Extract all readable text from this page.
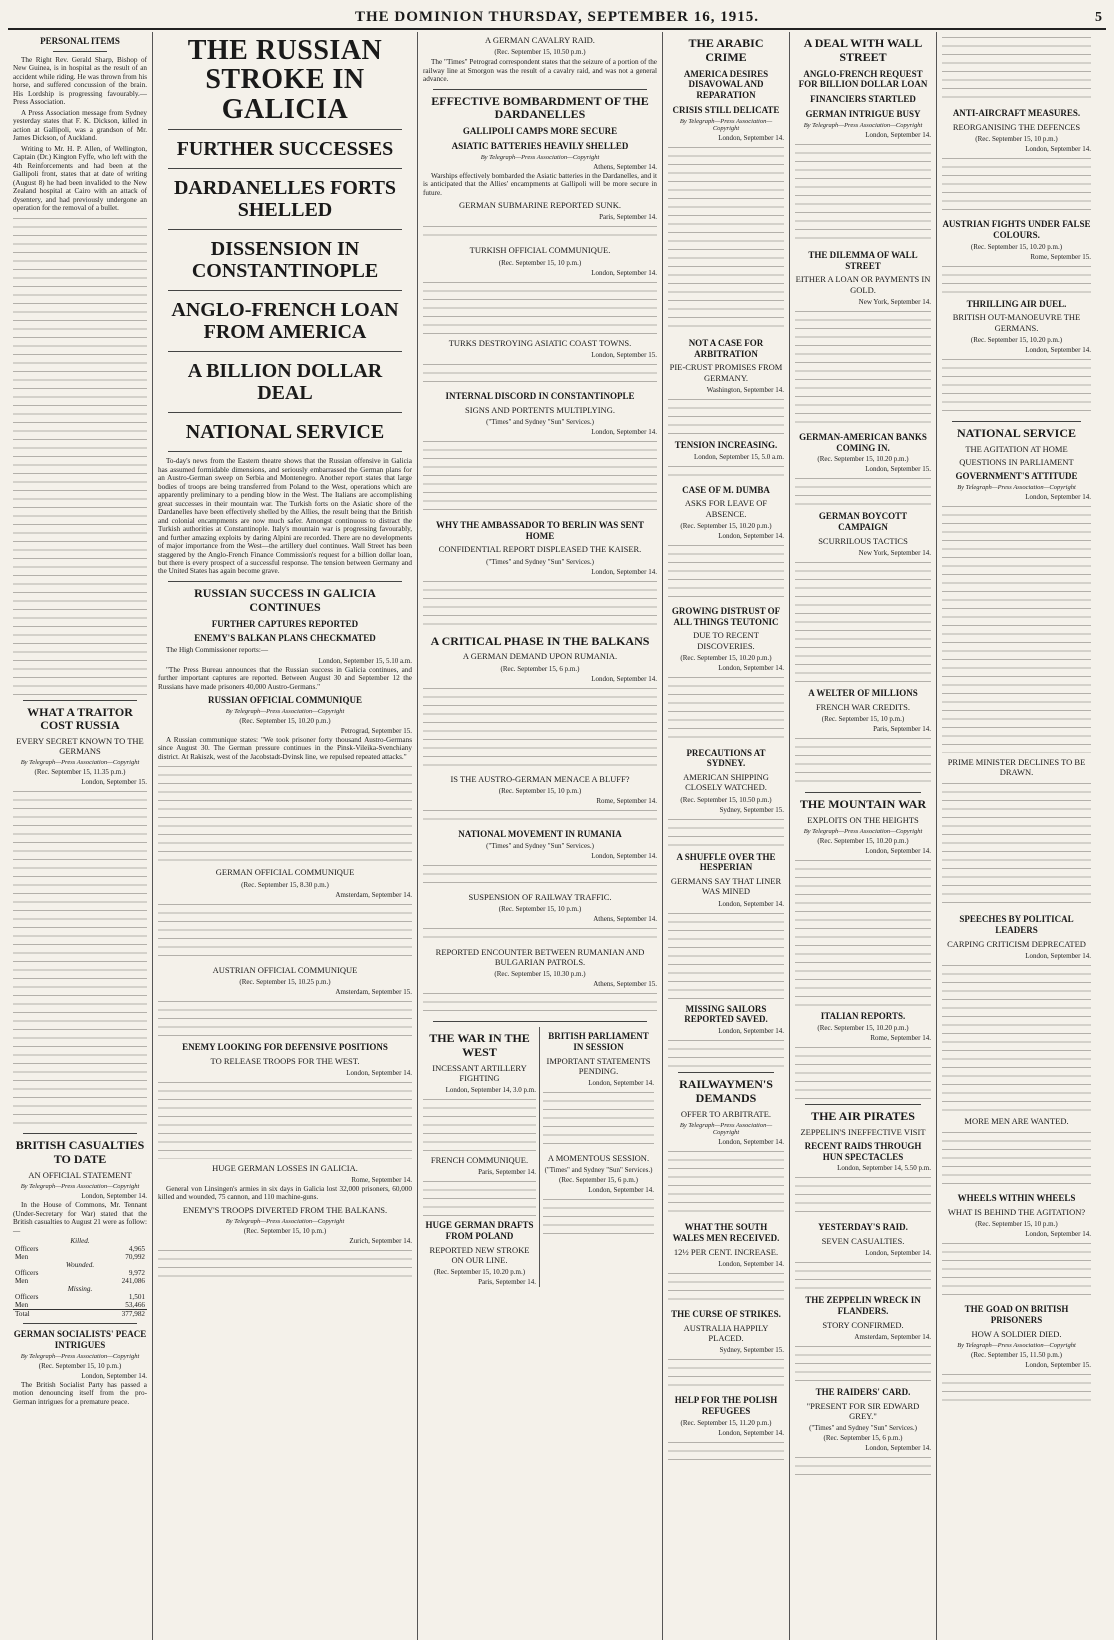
THE DOMINION THURSDAY, SEPTEMBER 16, 1915.	5
PERSONAL ITEMS

The Right Rev. Gerald Sharp, Bishop of New Guinea, is in hospital as the result of an accident while riding. He was thrown from his horse, and suffered concussion of the brain. His Lordship is progressing favourably.—Press Association.

A Press Association message from Sydney yesterday states that F. K. Dickson, killed in action at Gallipoli, was a grandson of Mr. James Dickson, of Auckland.

Writing to Mr. H. P. Allen, of Wellington, Captain (Dr.) Kington Fyffe, who left with the 4th Reinforcements and had been at the Gallipoli front, states that at date of writing (August 8) he had been invalided to the New Zealand hospital at Cairo with an attack of dysentery, and had previously undergone an operation for the removal of a bullet.

WHAT A TRAITOR COST RUSSIA
EVERY SECRET KNOWN TO THE GERMANS
By Telegraph—Press Association—Copyright
(Rec. September 15, 11.35 p.m.)
London, September 15.
BRITISH CASUALTIES TO DATE
AN OFFICIAL STATEMENT
By Telegraph—Press Association—Copyright
London, September 14.

In the House of Commons, Mr. Tennant (Under-Secretary for War) stated that the British casualties to August 21 were as follow:—

Killed.	
Officers	4,965
Men	70,992
Wounded.	
Officers	9,972
Men	241,086
Missing.	
Officers	1,501
Men	53,466
Total	377,982
GERMAN SOCIALISTS' PEACE INTRIGUES
By Telegraph—Press Association—Copyright
(Rec. September 15, 10 p.m.)
London, September 14.

The British Socialist Party has passed a motion denouncing itself from the pro-German intrigues for a premature peace.

THE RUSSIAN STROKE IN GALICIA
FURTHER SUCCESSES
DARDANELLES FORTS SHELLED
DISSENSION IN CONSTANTINOPLE
ANGLO-FRENCH LOAN FROM AMERICA
A BILLION DOLLAR DEAL
NATIONAL SERVICE

To-day's news from the Eastern theatre shows that the Russian offensive in Galicia has assumed formidable dimensions, and seriously embarrassed the German plans for an Austro-German sweep on Serbia and Montenegro. Another report states that large bodies of troops are being transferred from Poland to the West, operations which are apparently preliminary to a pending blow in the West. The Italians are accomplishing great successes in their mountain war. The Turkish forts on the Asiatic shore of the Dardanelles have been effectively shelled by the Allies, the result being that the British and colonial encampments are now much safer. Amongst continuous to distract the Turkish authorities at Constantinople. Italy's mountain war is progressing favourably, and further amazing exploits by daring Alpini are recorded. There are no developments of major importance from the West—the artillery duel continues. Wall Street has been staggered by the Anglo-French Finance Commission's request for a billion dollar loan, but there is every prospect of a successful response. The tension between Germany and the United States has again become grave.

RUSSIAN SUCCESS IN GALICIA CONTINUES
FURTHER CAPTURES REPORTED
ENEMY'S BALKAN PLANS CHECKMATED

The High Commissioner reports:—

London, September 15, 5.10 a.m.

"The Press Bureau announces that the Russian success in Galicia continues, and further important captures are reported. Between August 30 and September 12 the Russians have made prisoners 40,000 Austro-Germans."

RUSSIAN OFFICIAL COMMUNIQUE
By Telegraph—Press Association—Copyright
(Rec. September 15, 10.20 p.m.)
Petrograd, September 15.

A Russian communique states: "We took prisoner forty thousand Austro-Germans since August 30. The German pressure continues in the Pinsk-Vileika-Svenchiany district. At Rakiszk, west of the Jacobstadt-Dvinsk line, we repulsed repeated attacks."

GERMAN OFFICIAL COMMUNIQUE
(Rec. September 15, 8.30 p.m.)
Amsterdam, September 14.
AUSTRIAN OFFICIAL COMMUNIQUE
(Rec. September 15, 10.25 p.m.)
Amsterdam, September 15.
ENEMY LOOKING FOR DEFENSIVE POSITIONS
TO RELEASE TROOPS FOR THE WEST.
London, September 14.
HUGE GERMAN LOSSES IN GALICIA.
Rome, September 14.

General von Linsingen's armies in six days in Galicia lost 32,000 prisoners, 60,000 killed and wounded, 75 cannon, and 110 machine-guns.

ENEMY'S TROOPS DIVERTED FROM THE BALKANS.
By Telegraph—Press Association—Copyright
(Rec. September 15, 10 p.m.)
Zurich, September 14.
A GERMAN CAVALRY RAID.
(Rec. September 15, 10.50 p.m.)

The "Times" Petrograd correspondent states that the seizure of a portion of the railway line at Smorgon was the result of a cavalry raid, and was not a general advance.

EFFECTIVE BOMBARDMENT OF THE DARDANELLES
GALLIPOLI CAMPS MORE SECURE
ASIATIC BATTERIES HEAVILY SHELLED
By Telegraph—Press Association—Copyright
Athens, September 14.

Warships effectively bombarded the Asiatic batteries in the Dardanelles, and it is anticipated that the Allies' encampments at Gallipoli will be more secure in future.

GERMAN SUBMARINE REPORTED SUNK.
Paris, September 14.
TURKISH OFFICIAL COMMUNIQUE.
(Rec. September 15, 10 p.m.)
London, September 14.
TURKS DESTROYING ASIATIC COAST TOWNS.
London, September 15.
INTERNAL DISCORD IN CONSTANTINOPLE
SIGNS AND PORTENTS MULTIPLYING.
("Times" and Sydney "Sun" Services.)
London, September 14.
WHY THE AMBASSADOR TO BERLIN WAS SENT HOME
CONFIDENTIAL REPORT DISPLEASED THE KAISER.
("Times" and Sydney "Sun" Services.)
London, September 14.
A CRITICAL PHASE IN THE BALKANS
A GERMAN DEMAND UPON RUMANIA.
(Rec. September 15, 6 p.m.)
London, September 14.
IS THE AUSTRO-GERMAN MENACE A BLUFF?
(Rec. September 15, 10 p.m.)
Rome, September 14.
NATIONAL MOVEMENT IN RUMANIA
("Times" and Sydney "Sun" Services.)
London, September 14.
SUSPENSION OF RAILWAY TRAFFIC.
(Rec. September 15, 10 p.m.)
Athens, September 14.
REPORTED ENCOUNTER BETWEEN RUMANIAN AND BULGARIAN PATROLS.
(Rec. September 15, 10.30 p.m.)
Athens, September 15.
THE WAR IN THE WEST
INCESSANT ARTILLERY FIGHTING
London, September 14, 3.0 p.m.
FRENCH COMMUNIQUE.
Paris, September 14.
HUGE GERMAN DRAFTS FROM POLAND
REPORTED NEW STROKE ON OUR LINE.
(Rec. September 15, 10.20 p.m.)
Paris, September 14.
BRITISH PARLIAMENT IN SESSION
IMPORTANT STATEMENTS PENDING.
London, September 14.
A MOMENTOUS SESSION.
("Times" and Sydney "Sun" Services.)
(Rec. September 15, 6 p.m.)
London, September 14.
THE ARABIC CRIME
AMERICA DESIRES DISAVOWAL AND REPARATION
CRISIS STILL DELICATE
By Telegraph—Press Association—Copyright
London, September 14.
NOT A CASE FOR ARBITRATION
PIE-CRUST PROMISES FROM GERMANY.
Washington, September 14.
TENSION INCREASING.
London, September 15, 5.0 a.m.
CASE OF M. DUMBA
ASKS FOR LEAVE OF ABSENCE.
(Rec. September 15, 10.20 p.m.)
London, September 14.
GROWING DISTRUST OF ALL THINGS TEUTONIC
DUE TO RECENT DISCOVERIES.
(Rec. September 15, 10.20 p.m.)
London, September 14.
PRECAUTIONS AT SYDNEY.
AMERICAN SHIPPING CLOSELY WATCHED.
(Rec. September 15, 10.50 p.m.)
Sydney, September 15.
A SHUFFLE OVER THE HESPERIAN
GERMANS SAY THAT LINER WAS MINED
London, September 14.
MISSING SAILORS REPORTED SAVED.
London, September 14.
RAILWAYMEN'S DEMANDS
OFFER TO ARBITRATE.
By Telegraph—Press Association—Copyright
London, September 14.
WHAT THE SOUTH WALES MEN RECEIVED.
12½ PER CENT. INCREASE.
London, September 14.
THE CURSE OF STRIKES.
AUSTRALIA HAPPILY PLACED.
Sydney, September 15.
HELP FOR THE POLISH REFUGEES
(Rec. September 15, 11.20 p.m.)
London, September 14.
A DEAL WITH WALL STREET
ANGLO-FRENCH REQUEST FOR BILLION DOLLAR LOAN
FINANCIERS STARTLED
GERMAN INTRIGUE BUSY
By Telegraph—Press Association—Copyright
London, September 14.
THE DILEMMA OF WALL STREET
EITHER A LOAN OR PAYMENTS IN GOLD.
New York, September 14.
GERMAN-AMERICAN BANKS COMING IN.
(Rec. September 15, 10.20 p.m.)
London, September 15.
GERMAN BOYCOTT CAMPAIGN
SCURRILOUS TACTICS
New York, September 14.
A WELTER OF MILLIONS
FRENCH WAR CREDITS.
(Rec. September 15, 10 p.m.)
Paris, September 14.
THE MOUNTAIN WAR
EXPLOITS ON THE HEIGHTS
By Telegraph—Press Association—Copyright
(Rec. September 15, 10.20 p.m.)
London, September 14.
ITALIAN REPORTS.
(Rec. September 15, 10.20 p.m.)
Rome, September 14.
THE AIR PIRATES
ZEPPELIN'S INEFFECTIVE VISIT
RECENT RAIDS THROUGH HUN SPECTACLES
London, September 14, 5.50 p.m.
YESTERDAY'S RAID.
SEVEN CASUALTIES.
London, September 14.
THE ZEPPELIN WRECK IN FLANDERS.
STORY CONFIRMED.
Amsterdam, September 14.
THE RAIDERS' CARD.
"PRESENT FOR SIR EDWARD GREY."
("Times" and Sydney "Sun" Services.)
(Rec. September 15, 6 p.m.)
London, September 14.
ANTI-AIRCRAFT MEASURES.
REORGANISING THE DEFENCES
(Rec. September 15, 10 p.m.)
London, September 14.
AUSTRIAN FIGHTS UNDER FALSE COLOURS.
(Rec. September 15, 10.20 p.m.)
Rome, September 15.
THRILLING AIR DUEL.
BRITISH OUT-MANOEUVRE THE GERMANS.
(Rec. September 15, 10.20 p.m.)
London, September 14.
NATIONAL SERVICE
THE AGITATION AT HOME
QUESTIONS IN PARLIAMENT
GOVERNMENT'S ATTITUDE
By Telegraph—Press Association—Copyright
London, September 14.
PRIME MINISTER DECLINES TO BE DRAWN.
SPEECHES BY POLITICAL LEADERS
CARPING CRITICISM DEPRECATED
London, September 14.
MORE MEN ARE WANTED.
WHEELS WITHIN WHEELS
WHAT IS BEHIND THE AGITATION?
(Rec. September 15, 10 p.m.)
London, September 14.
THE GOAD ON BRITISH PRISONERS
HOW A SOLDIER DIED.
By Telegraph—Press Association—Copyright
(Rec. September 15, 11.50 p.m.)
London, September 15.
